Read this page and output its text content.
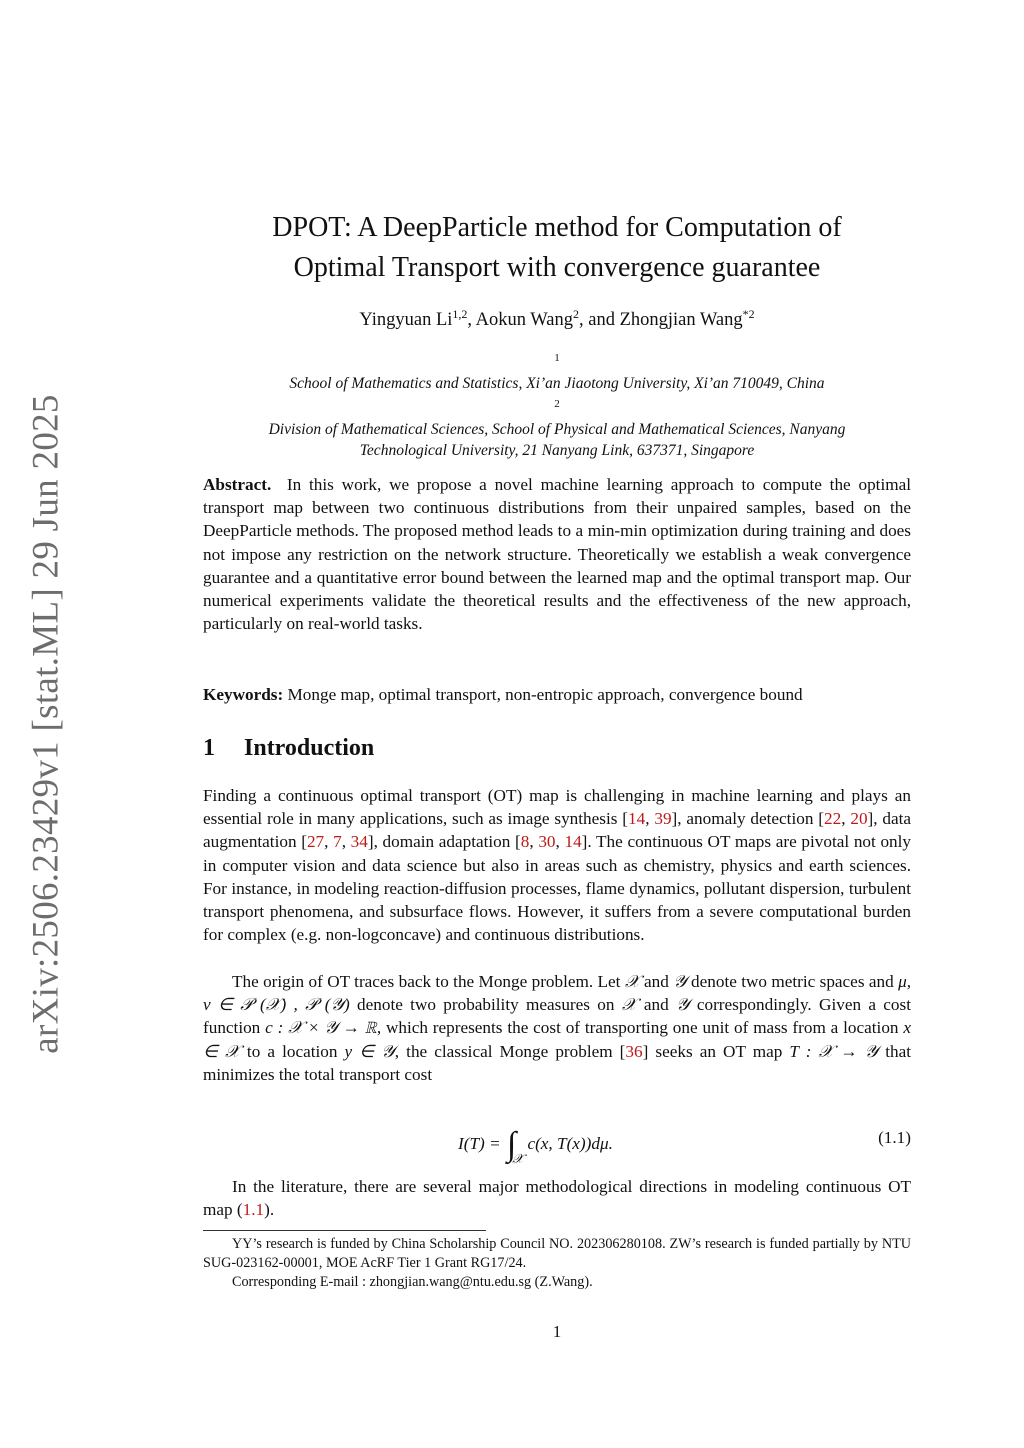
arXiv:2506.23429v1 [stat.ML] 29 Jun 2025
DPOT: A DeepParticle method for Computation of
Optimal Transport with convergence guarantee
Yingyuan Li$^{1,2}$, Aokun Wang$^2$, and Zhongjian Wang$^{*2}$
$^1$
School of Mathematics and Statistics, Xi’an Jiaotong University, Xi’an 710049, China
$^2$
Division of Mathematical Sciences, School of Physical and Mathematical Sciences, Nanyang
Technological University, 21 Nanyang Link, 637371, Singapore
Abstract. In this work, we propose a novel machine learning approach to compute the optimal transport map between two continuous distributions from their unpaired samples, based on the DeepParticle methods. The proposed method leads to a min-min optimization during training and does not impose any restriction on the network structure. Theoretically we establish a weak convergence guarantee and a quantitative error bound between the learned map and the optimal transport map. Our numerical experiments validate the theoretical results and the effectiveness of the new approach, particularly on real-world tasks.
Keywords: Monge map, optimal transport, non-entropic approach, convergence bound
1 Introduction
Finding a continuous optimal transport (OT) map is challenging in machine learning and plays an essential role in many applications, such as image synthesis [14, 39], anomaly detection [22, 20], data augmentation [27, 7, 34], domain adaptation [8, 30, 14]. The continuous OT maps are pivotal not only in computer vision and data science but also in areas such as chemistry, physics and earth sciences. For instance, in modeling reaction-diffusion processes, flame dynamics, pollutant dispersion, turbulent transport phenomena, and subsurface flows. However, it suffers from a severe computational burden for complex (e.g. non-logconcave) and continuous distributions.
The origin of OT traces back to the Monge problem. Let 𝒳 and 𝒴 denote two metric spaces and μ, ν ∈ 𝒫 (𝒳) , 𝒫 (𝒴) denote two probability measures on 𝒳 and 𝒴 correspondingly. Given a cost function c : 𝒳 × 𝒴 → ℝ, which represents the cost of transporting one unit of mass from a location x ∈ 𝒳 to a location y ∈ 𝒴, the classical Monge problem [36] seeks an OT map T : 𝒳 → 𝒴 that minimizes the total transport cost
$I(T) = \int_𝒳c(x$, T(x))dμ.	(1.1)
In the literature, there are several major methodological directions in modeling continuous OT map (1.1).

YY’s research is funded by China Scholarship Council NO. 202306280108. ZW’s research is funded partially by NTU SUG-023162-00001, MOE AcRF Tier 1 Grant RG17/24.

Corresponding E-mail : zhongjian.wang@ntu.edu.sg (Z.Wang).

1
